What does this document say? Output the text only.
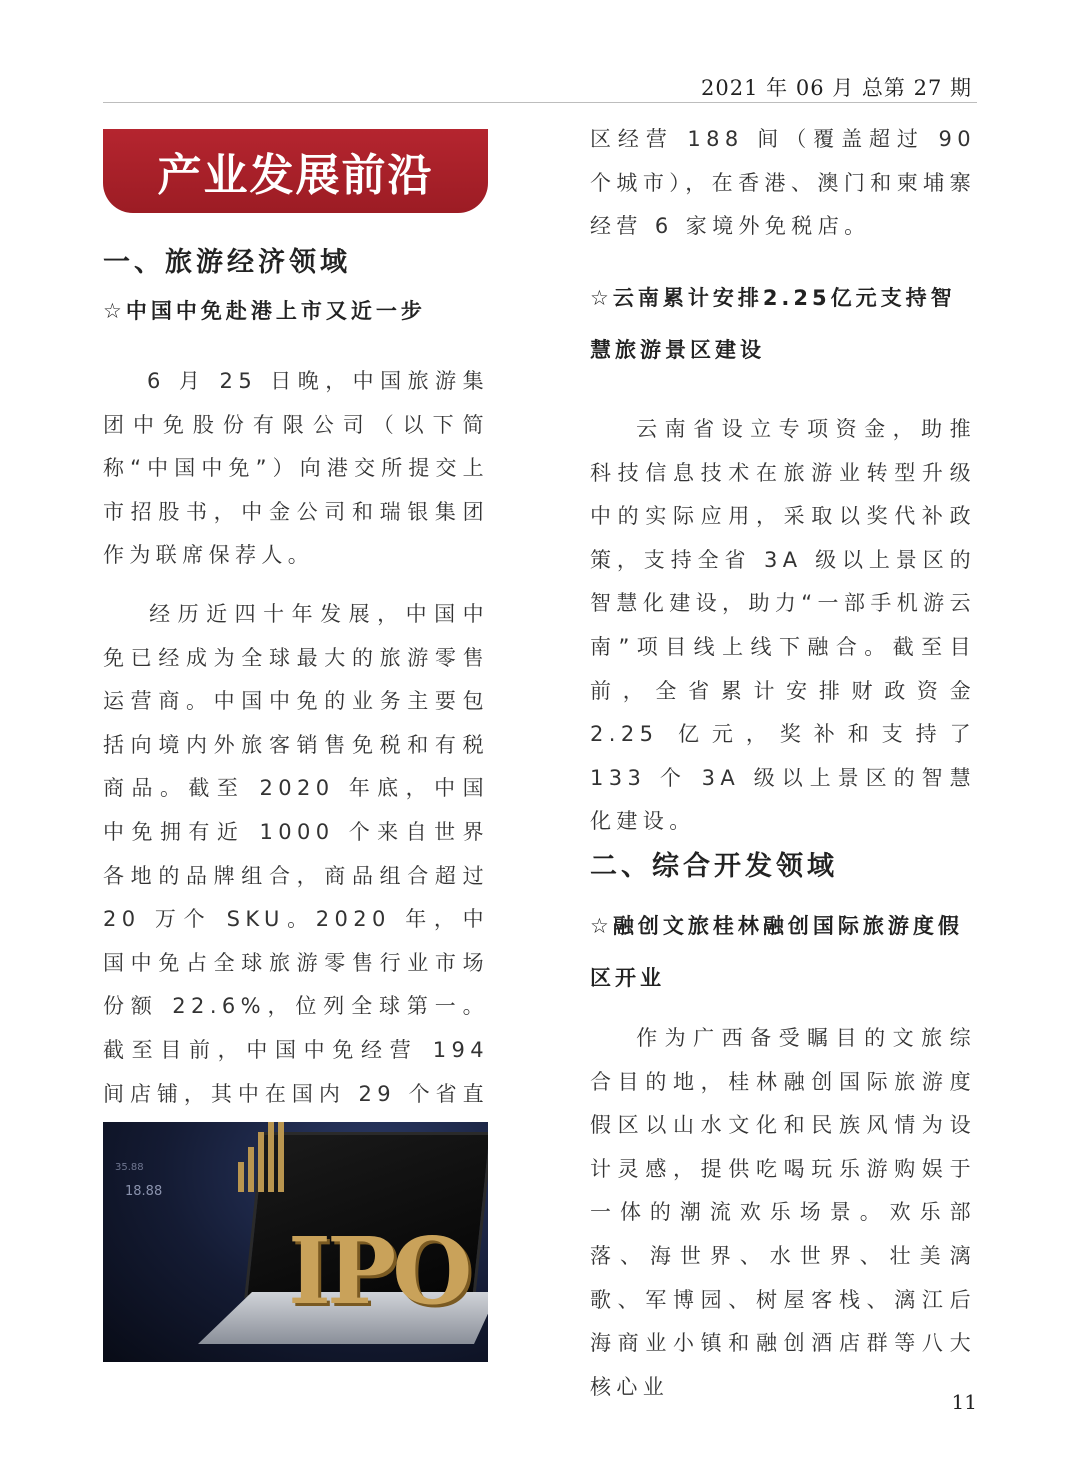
2021 年 06 月 总第 27 期
产业发展前沿
一、旅游经济领域
☆中国中免赴港上市又近一步

6 月 25 日晚，中国旅游集团中免股份有限公司（以下简称“中国中免”）向港交所提交上市招股书，中金公司和瑞银集团作为联席保荐人。

经历近四十年发展，中国中免已经成为全球最大的旅游零售运营商。中国中免的业务主要包括向境内外旅客销售免税和有税商品。截至 2020 年底，中国中免拥有近 1000 个来自世界各地的品牌组合，商品组合超过 20 万个 SKU。2020 年，中国中免占全球旅游零售行业市场份额 22.6%，位列全球第一。截至目前，中国中免经营 194 间店铺，其中在国内 29 个省直

35.88
18.88
IPO

区经营 188 间（覆盖超过 90 个城市），在香港、澳门和柬埔寨经营 6 家境外免税店。

☆云南累计安排2.25亿元支持智慧旅游景区建设

云南省设立专项资金，助推科技信息技术在旅游业转型升级中的实际应用，采取以奖代补政策，支持全省 3A 级以上景区的智慧化建设，助力“一部手机游云南”项目线上线下融合。截至目前，全省累计安排财政资金 2.25 亿元，奖补和支持了 133 个 3A 级以上景区的智慧化建设。

二、综合开发领域
☆融创文旅桂林融创国际旅游度假区开业

作为广西备受瞩目的文旅综合目的地，桂林融创国际旅游度假区以山水文化和民族风情为设计灵感，提供吃喝玩乐游购娱于一体的潮流欢乐场景。欢乐部落、海世界、水世界、壮美漓歌、军博园、树屋客栈、漓江后海商业小镇和融创酒店群等八大核心业

11
